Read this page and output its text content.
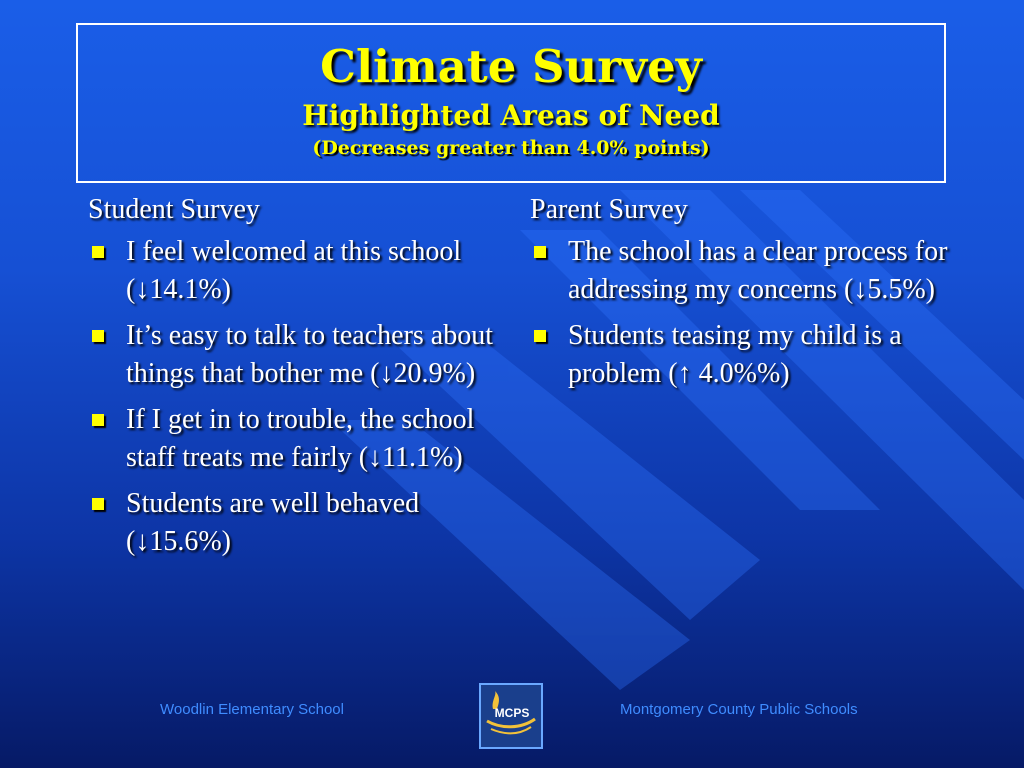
Climate Survey
Highlighted Areas of Need
(Decreases greater than 4.0% points)
Student Survey
I feel welcomed at this school (↓14.1%)
It’s easy to talk to teachers about things that bother me (↓20.9%)
If I get in to trouble, the school staff treats me fairly (↓11.1%)
Students are well behaved (↓15.6%)
Parent Survey
The school has a clear process for addressing my concerns (↓5.5%)
Students teasing my child is a problem (↑ 4.0%%)
Woodlin Elementary School	MCPS	Montgomery County Public Schools
